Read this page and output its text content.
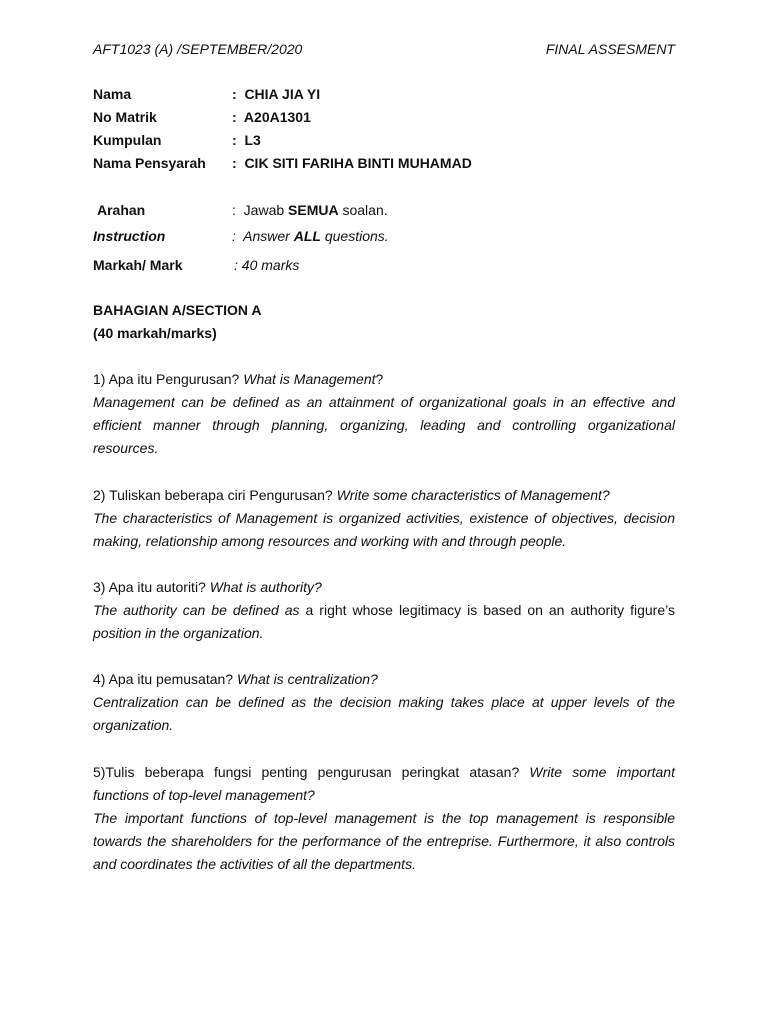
AFT1023 (A) /SEPTEMBER/2020	FINAL ASSESMENT
Nama	:  CHIA JIA YI
No Matrik	:  A20A1301
Kumpulan	:  L3
Nama Pensyarah	:  CIK SITI FARIHA BINTI MUHAMAD
Arahan	:  Jawab SEMUA soalan.
Instruction	:  Answer ALL questions.
Markah/ Mark	: 40 marks
BAHAGIAN A/SECTION A
(40 markah/marks)
1) Apa itu Pengurusan? What is Management?
Management can be defined as an attainment of organizational goals in an effective and efficient manner through planning, organizing, leading and controlling organizational resources.
2) Tuliskan beberapa ciri Pengurusan? Write some characteristics of Management?
The characteristics of Management is organized activities, existence of objectives, decision making, relationship among resources and working with and through people.
3) Apa itu autoriti? What is authority?
The authority can be defined as a right whose legitimacy is based on an authority figure’s position in the organization.
4) Apa itu pemusatan? What is centralization?
Centralization can be defined as the decision making takes place at upper levels of the organization.
5)Tulis beberapa fungsi penting pengurusan peringkat atasan? Write some important functions of top-level management?
The important functions of top-level management is the top management is responsible towards the shareholders for the performance of the entreprise. Furthermore, it also controls and coordinates the activities of all the departments.
